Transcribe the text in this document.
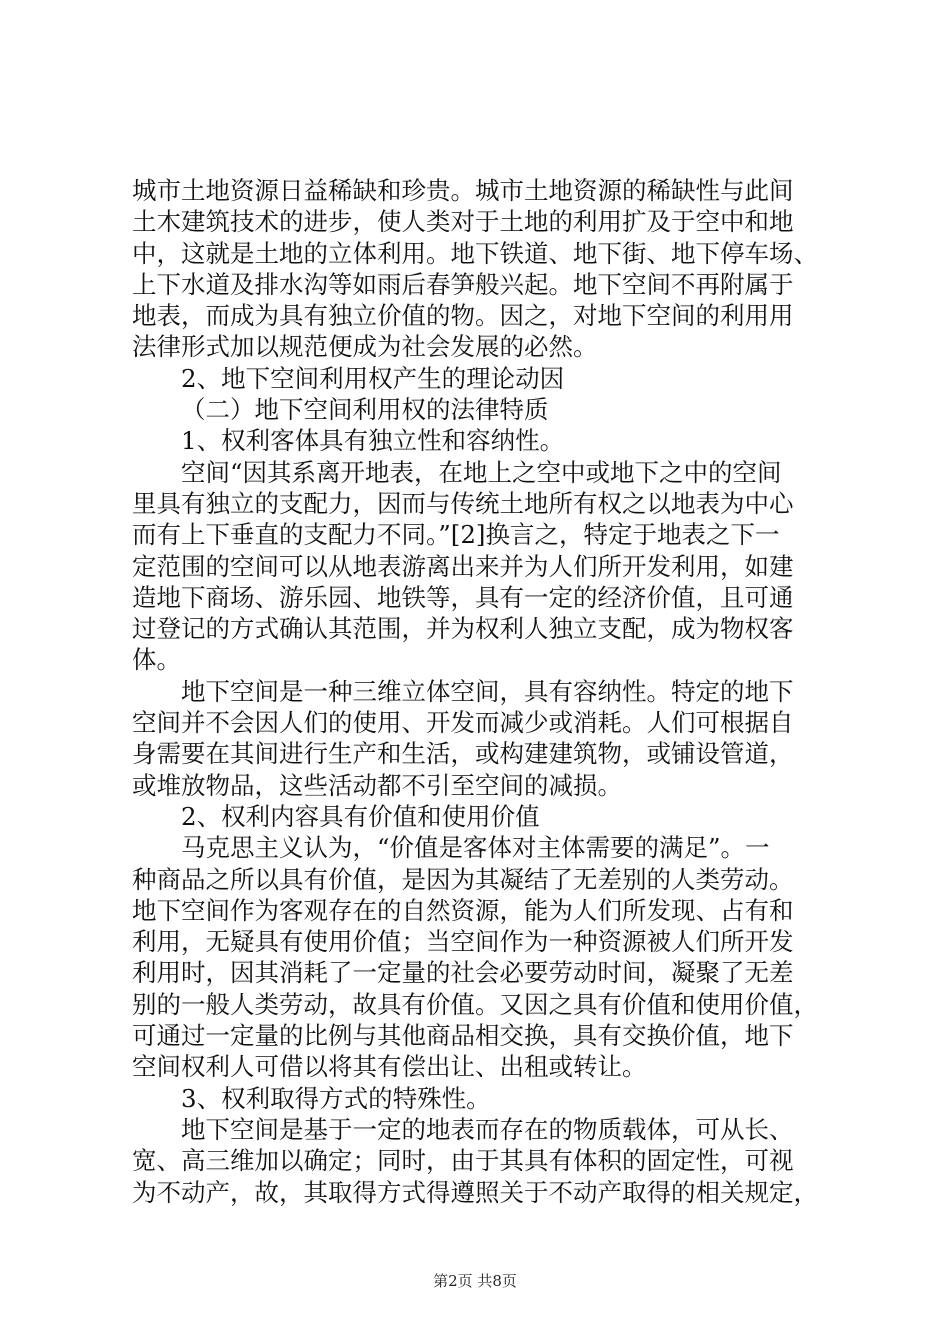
城市土地资源日益稀缺和珍贵。城市土地资源的稀缺性与此间
土木建筑技术的进步，使人类对于土地的利用扩及于空中和地
中，这就是土地的立体利用。地下铁道、地下街、地下停车场、
上下水道及排水沟等如雨后春笋般兴起。地下空间不再附属于
地表，而成为具有独立价值的物。因之，对地下空间的利用用
法律形式加以规范便成为社会发展的必然。
2、地下空间利用权产生的理论动因
（二）地下空间利用权的法律特质
1、权利客体具有独立性和容纳性。
空间“因其系离开地表，在地上之空中或地下之中的空间
里具有独立的支配力，因而与传统土地所有权之以地表为中心
而有上下垂直的支配力不同。”[2]换言之，特定于地表之下一
定范围的空间可以从地表游离出来并为人们所开发利用，如建
造地下商场、游乐园、地铁等，具有一定的经济价值，且可通
过登记的方式确认其范围，并为权利人独立支配，成为物权客
体。
地下空间是一种三维立体空间，具有容纳性。特定的地下
空间并不会因人们的使用、开发而减少或消耗。人们可根据自
身需要在其间进行生产和生活，或构建建筑物，或铺设管道，
或堆放物品，这些活动都不引至空间的减损。
2、权利内容具有价值和使用价值
马克思主义认为，“价值是客体对主体需要的满足”。一
种商品之所以具有价值，是因为其凝结了无差别的人类劳动。
地下空间作为客观存在的自然资源，能为人们所发现、占有和
利用，无疑具有使用价值；当空间作为一种资源被人们所开发
利用时，因其消耗了一定量的社会必要劳动时间，凝聚了无差
别的一般人类劳动，故具有价值。又因之具有价值和使用价值，
可通过一定量的比例与其他商品相交换，具有交换价值，地下
空间权利人可借以将其有偿出让、出租或转让。
3、权利取得方式的特殊性。
地下空间是基于一定的地表而存在的物质载体，可从长、
宽、高三维加以确定；同时，由于其具有体积的固定性，可视
为不动产，故，其取得方式得遵照关于不动产取得的相关规定，
第2页 共8页
